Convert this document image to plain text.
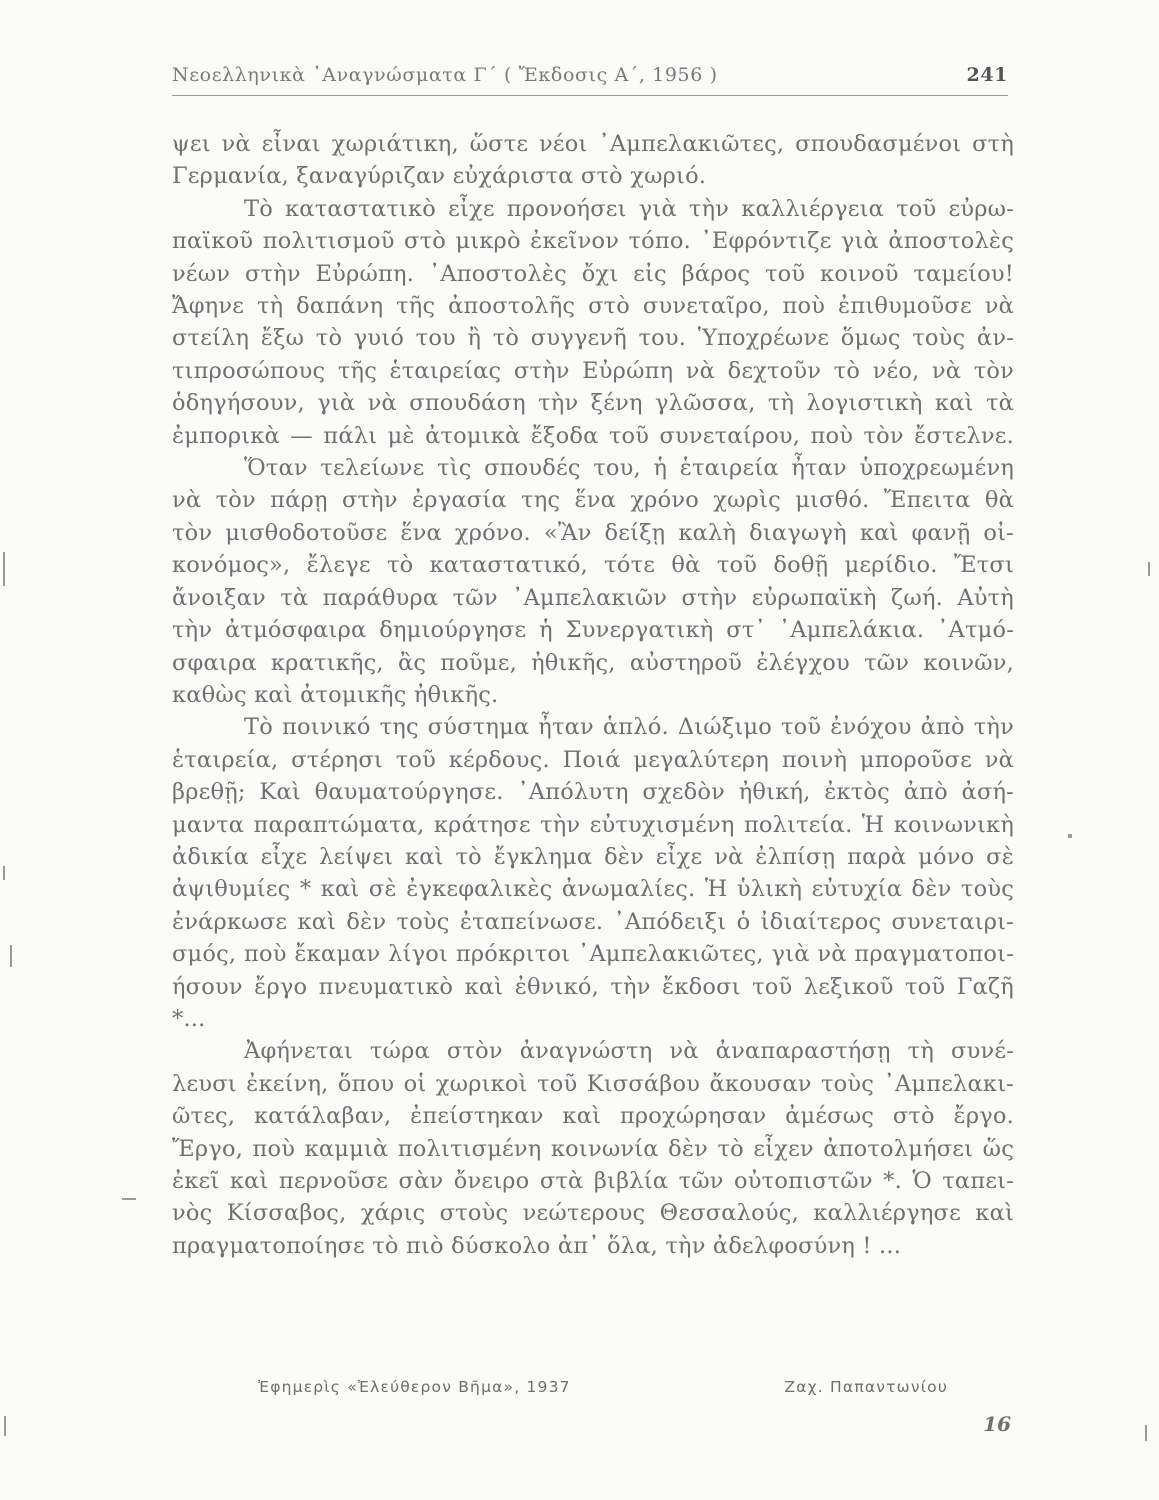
Νεοελληνικὰ ᾿Αναγνώσματα Γ΄ ( Ἔκδοσις Α΄, 1956 )	241
ψει νὰ εἶναι χωριάτικη, ὥστε νέοι ᾿Αμπελακιῶτες, σπουδασμένοι στὴ
Γερμανία, ξαναγύριζαν εὐχάριστα στὸ χωριό.
Τὸ καταστατικὸ εἶχε προνοήσει γιὰ τὴν καλλιέργεια τοῦ εὐρω-
παϊκοῦ πολιτισμοῦ στὸ μικρὸ ἐκεῖνον τόπο. ᾿Εφρόντιζε γιὰ ἀποστολὲς
νέων στὴν Εὐρώπη. ᾿Αποστολὲς ὄχι εἰς βάρος τοῦ κοινοῦ ταμείου!
Ἄφηνε τὴ δαπάνη τῆς ἀποστολῆς στὸ συνεταῖρο, ποὺ ἐπιθυμοῦσε νὰ
στείλη ἔξω τὸ γυιό του ἢ τὸ συγγενῆ του. Ὑποχρέωνε ὅμως τοὺς ἀν-
τιπροσώπους τῆς ἑταιρείας στὴν Εὐρώπη νὰ δεχτοῦν τὸ νέο, νὰ τὸν
ὁδηγήσουν, γιὰ νὰ σπουδάση τὴν ξένη γλῶσσα, τὴ λογιστικὴ καὶ τὰ
ἐμπορικὰ — πάλι μὲ ἀτομικὰ ἔξοδα τοῦ συνεταίρου, ποὺ τὸν ἔστελνε.
Ὅταν τελείωνε τὶς σπουδές του, ἡ ἑταιρεία ἦταν ὑποχρεωμένη
νὰ τὸν πάρῃ στὴν ἐργασία της ἕνα χρόνο χωρὶς μισθό. Ἔπειτα θὰ
τὸν μισθοδοτοῦσε ἕνα χρόνο. «Ἂν δείξῃ καλὴ διαγωγὴ καὶ φανῇ οἰ-
κονόμος», ἔλεγε τὸ καταστατικό, τότε θὰ τοῦ δοθῇ μερίδιο. Ἔτσι
ἄνοιξαν τὰ παράθυρα τῶν ᾿Αμπελακιῶν στὴν εὐρωπαϊκὴ ζωή. Αὐτὴ
τὴν ἀτμόσφαιρα δημιούργησε ἡ Συνεργατικὴ στ᾿ ᾿Αμπελάκια. ᾿Ατμό-
σφαιρα κρατικῆς, ἂς ποῦμε, ἠθικῆς, αὐστηροῦ ἐλέγχου τῶν κοινῶν,
καθὼς καὶ ἀτομικῆς ἠθικῆς.
Τὸ ποινικό της σύστημα ἦταν ἁπλό. Διώξιμο τοῦ ἐνόχου ἀπὸ τὴν
ἑταιρεία, στέρησι τοῦ κέρδους. Ποιά μεγαλύτερη ποινὴ μποροῦσε νὰ
βρεθῇ; Καὶ θαυματούργησε. ᾿Απόλυτη σχεδὸν ἠθική, ἐκτὸς ἀπὸ ἀσή-
μαντα παραπτώματα, κράτησε τὴν εὐτυχισμένη πολιτεία. Ἡ κοινωνικὴ
ἀδικία εἶχε λείψει καὶ τὸ ἔγκλημα δὲν εἶχε νὰ ἐλπίσῃ παρὰ μόνο σὲ
ἀψιθυμίες * καὶ σὲ ἐγκεφαλικὲς ἀνωμαλίες. Ἡ ὑλικὴ εὐτυχία δὲν τοὺς
ἐνάρκωσε καὶ δὲν τοὺς ἐταπείνωσε. ᾿Απόδειξι ὁ ἰδιαίτερος συνεταιρι-
σμός, ποὺ ἔκαμαν λίγοι πρόκριτοι ᾿Αμπελακιῶτες, γιὰ νὰ πραγματοποι-
ήσουν ἔργο πνευματικὸ καὶ ἐθνικό, τὴν ἔκδοσι τοῦ λεξικοῦ τοῦ Γαζῆ *...
Ἀφήνεται τώρα στὸν ἀναγνώστη νὰ ἀναπαραστήσῃ τὴ συνέ-
λευσι ἐκείνη, ὅπου οἱ χωρικοὶ τοῦ Κισσάβου ἄκουσαν τοὺς ᾿Αμπελακι-
ῶτες, κατάλαβαν, ἐπείστηκαν καὶ προχώρησαν ἀμέσως στὸ ἔργο.
Ἔργο, ποὺ καμμιὰ πολιτισμένη κοινωνία δὲν τὸ εἶχεν ἀποτολμήσει ὥς
ἐκεῖ καὶ περνοῦσε σὰν ὄνειρο στὰ βιβλία τῶν οὐτοπιστῶν *. Ὁ ταπει-
νὸς Κίσσαβος, χάρις στοὺς νεώτερους Θεσσαλούς, καλλιέργησε καὶ
πραγματοποίησε τὸ πιὸ δύσκολο ἀπ᾿ ὅλα, τὴν ἀδελφοσύνη ! ...
Ἐφημερὶς «Ἐλεύθερον Βῆμα», 1937	Ζαχ. Παπαντωνίου
16
